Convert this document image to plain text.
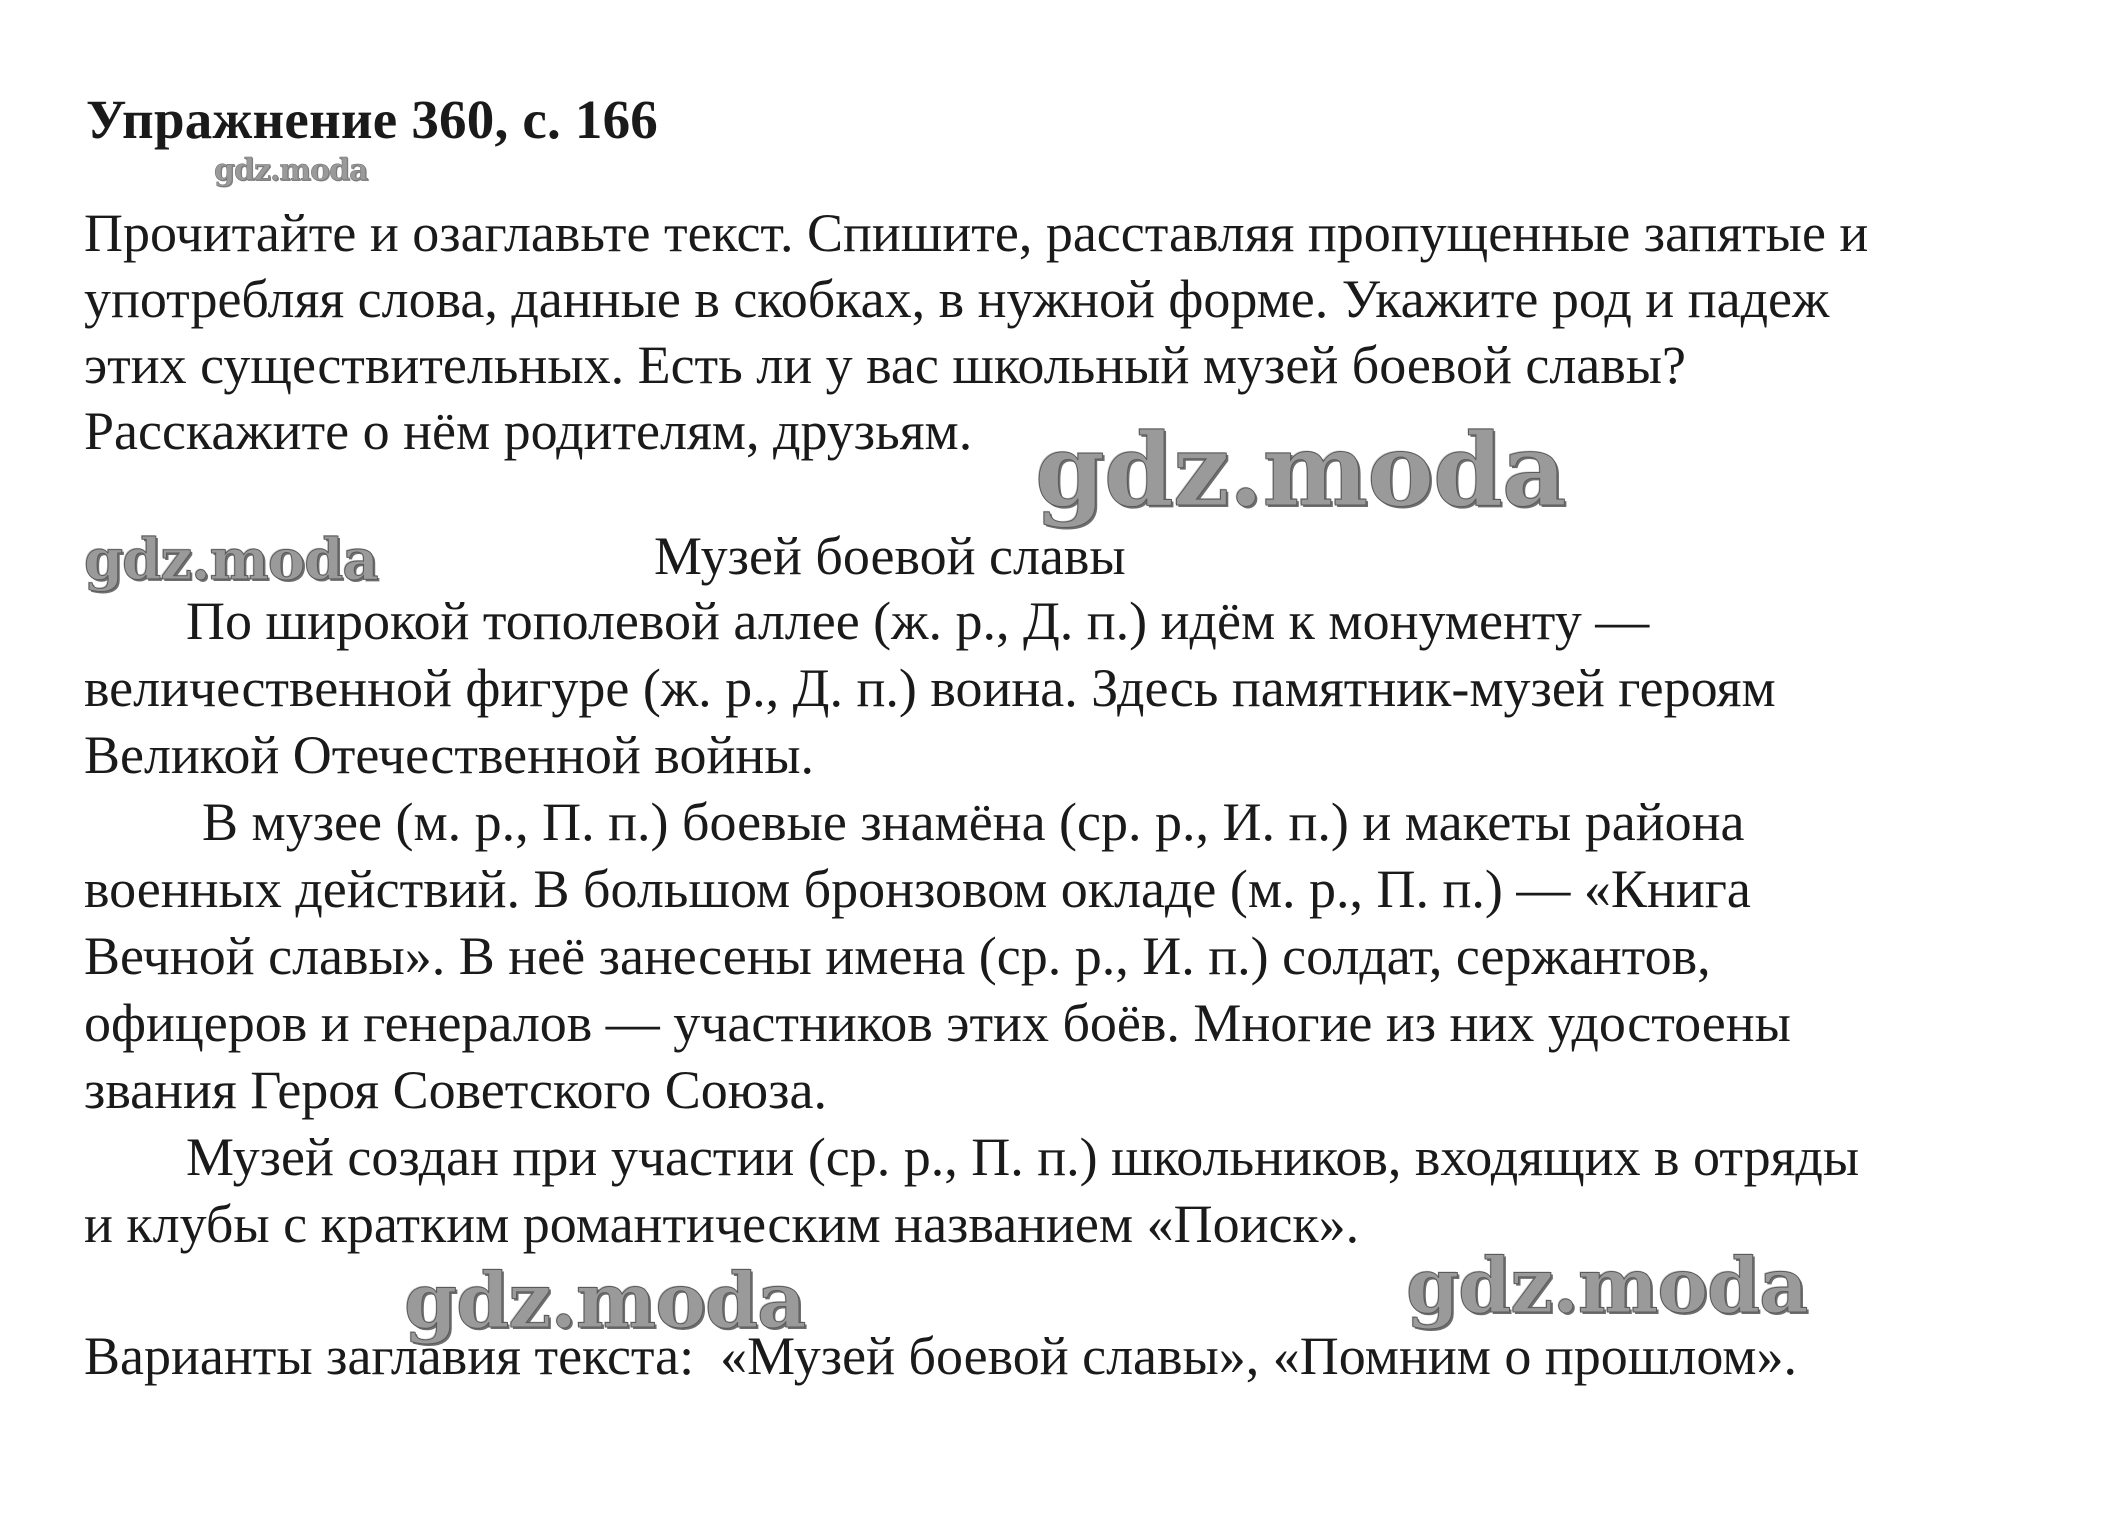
Упражнение 360, с. 166
gdz.moda
Прочитайте и озаглавьте текст. Спишите, расставляя пропущенные запятые и
употребляя слова, данные в скобках, в нужной форме. Укажите род и падеж
этих существительных. Есть ли у вас школьный музей боевой славы?
Расскажите о нём родителям, друзьям. gdz.moda
gdz.moda	Музей боевой славы

По широкой тополевой аллее (ж. р., Д. п.) идём к монументу —
величественной фигуре (ж. р., Д. п.) воина. Здесь памятник-музей героям
Великой Отечественной войны.

В музее (м. р., П. п.) боевые знамёна (ср. р., И. п.) и макеты района
военных действий. В большом бронзовом окладе (м. р., П. п.) — «Книга
Вечной славы». В неё занесены имена (ср. р., И. п.) солдат, сержантов,
офицеров и генералов — участников этих боёв. Многие из них удостоены
звания Героя Советского Союза.

Музей создан при участии (ср. р., П. п.) школьников, входящих в отряды
и клубы с кратким романтическим названием «Поиск».

gdz.moda	gdz.moda
Варианты заглавия текста: «Музей боевой славы», «Помним о прошлом».
